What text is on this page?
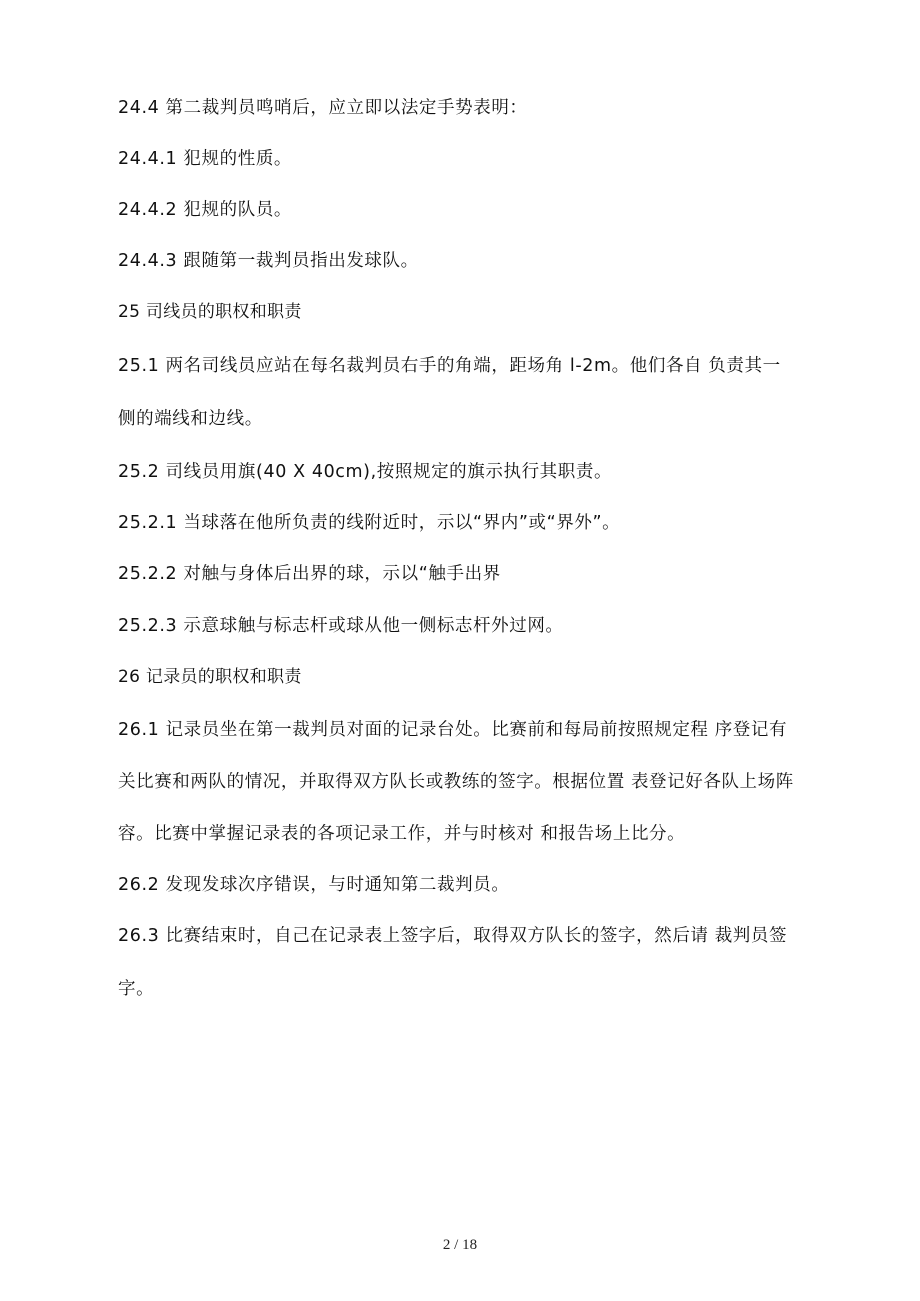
24.4 第二裁判员鸣哨后，应立即以法定手势表明：
24.4.1 犯规的性质。
24.4.2 犯规的队员。
24.4.3 跟随第一裁判员指出发球队。
25 司线员的职权和职责
25.1 两名司线员应站在每名裁判员右手的角端，距场角 l-2m。他们各自 负责其一
侧的端线和边线。
25.2 司线员用旗(40 X 40cm),按照规定的旗示执行其职责。
25.2.1 当球落在他所负责的线附近时，示以“界内”或“界外”。
25.2.2 对触与身体后出界的球，示以“触手出界
25.2.3 示意球触与标志杆或球从他一侧标志杆外过网。
26 记录员的职权和职责
26.1 记录员坐在第一裁判员对面的记录台处。比赛前和每局前按照规定程 序登记有
关比赛和两队的情况，并取得双方队长或教练的签字。根据位置 表登记好各队上场阵
容。比赛中掌握记录表的各项记录工作，并与时核对 和报告场上比分。
26.2 发现发球次序错误，与时通知第二裁判员。
26.3 比赛结束时，自己在记录表上签字后，取得双方队长的签字，然后请 裁判员签
字。
2 / 18
